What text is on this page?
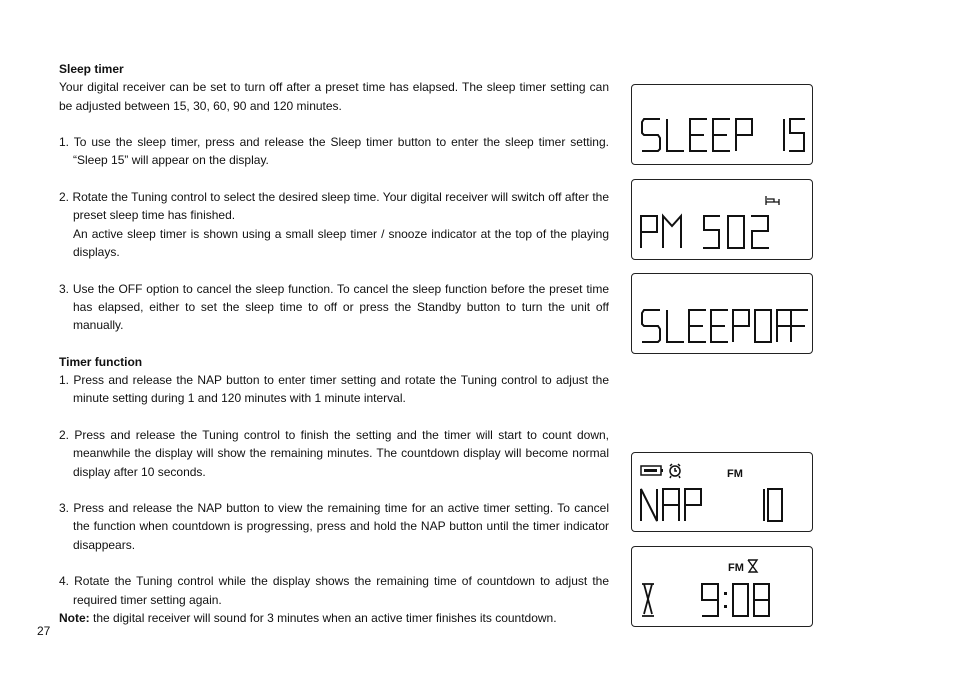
Sleep timer

Your digital receiver can be set to turn off after a preset time has elapsed. The sleep timer setting can be adjusted between 15, 30, 60, 90 and 120 minutes.

1. To use the sleep timer, press and release the Sleep timer button to enter the sleep timer setting. “Sleep 15” will appear on the display.

2. Rotate the Tuning control to select the desired sleep time. Your digital receiver will switch off after the preset sleep time has finished.

An active sleep timer is shown using a small sleep timer / snooze indicator at the top of the playing displays.

3. Use the OFF option to cancel the sleep function. To cancel the sleep function before the preset time has elapsed, either to set the sleep time to off or press the Standby button to turn the unit off manually.

Timer function

1. Press and release the NAP button to enter timer setting and rotate the Tuning control to adjust the minute setting during 1 and 120 minutes with 1 minute interval.

2. Press and release the Tuning control to finish the setting and the timer will start to count down, meanwhile the display will show the remaining minutes. The countdown display will become normal display after 10 seconds.

3. Press and release the NAP button to view the remaining time for an active timer setting. To cancel the function when countdown is progressing, press and hold the NAP button until the timer indicator disappears.

4. Rotate the Tuning control while the display shows the remaining time of countdown to adjust the required timer setting again.

Note: the digital receiver will sound for 3 minutes when an active timer finishes its countdown.

27
FM
FM
